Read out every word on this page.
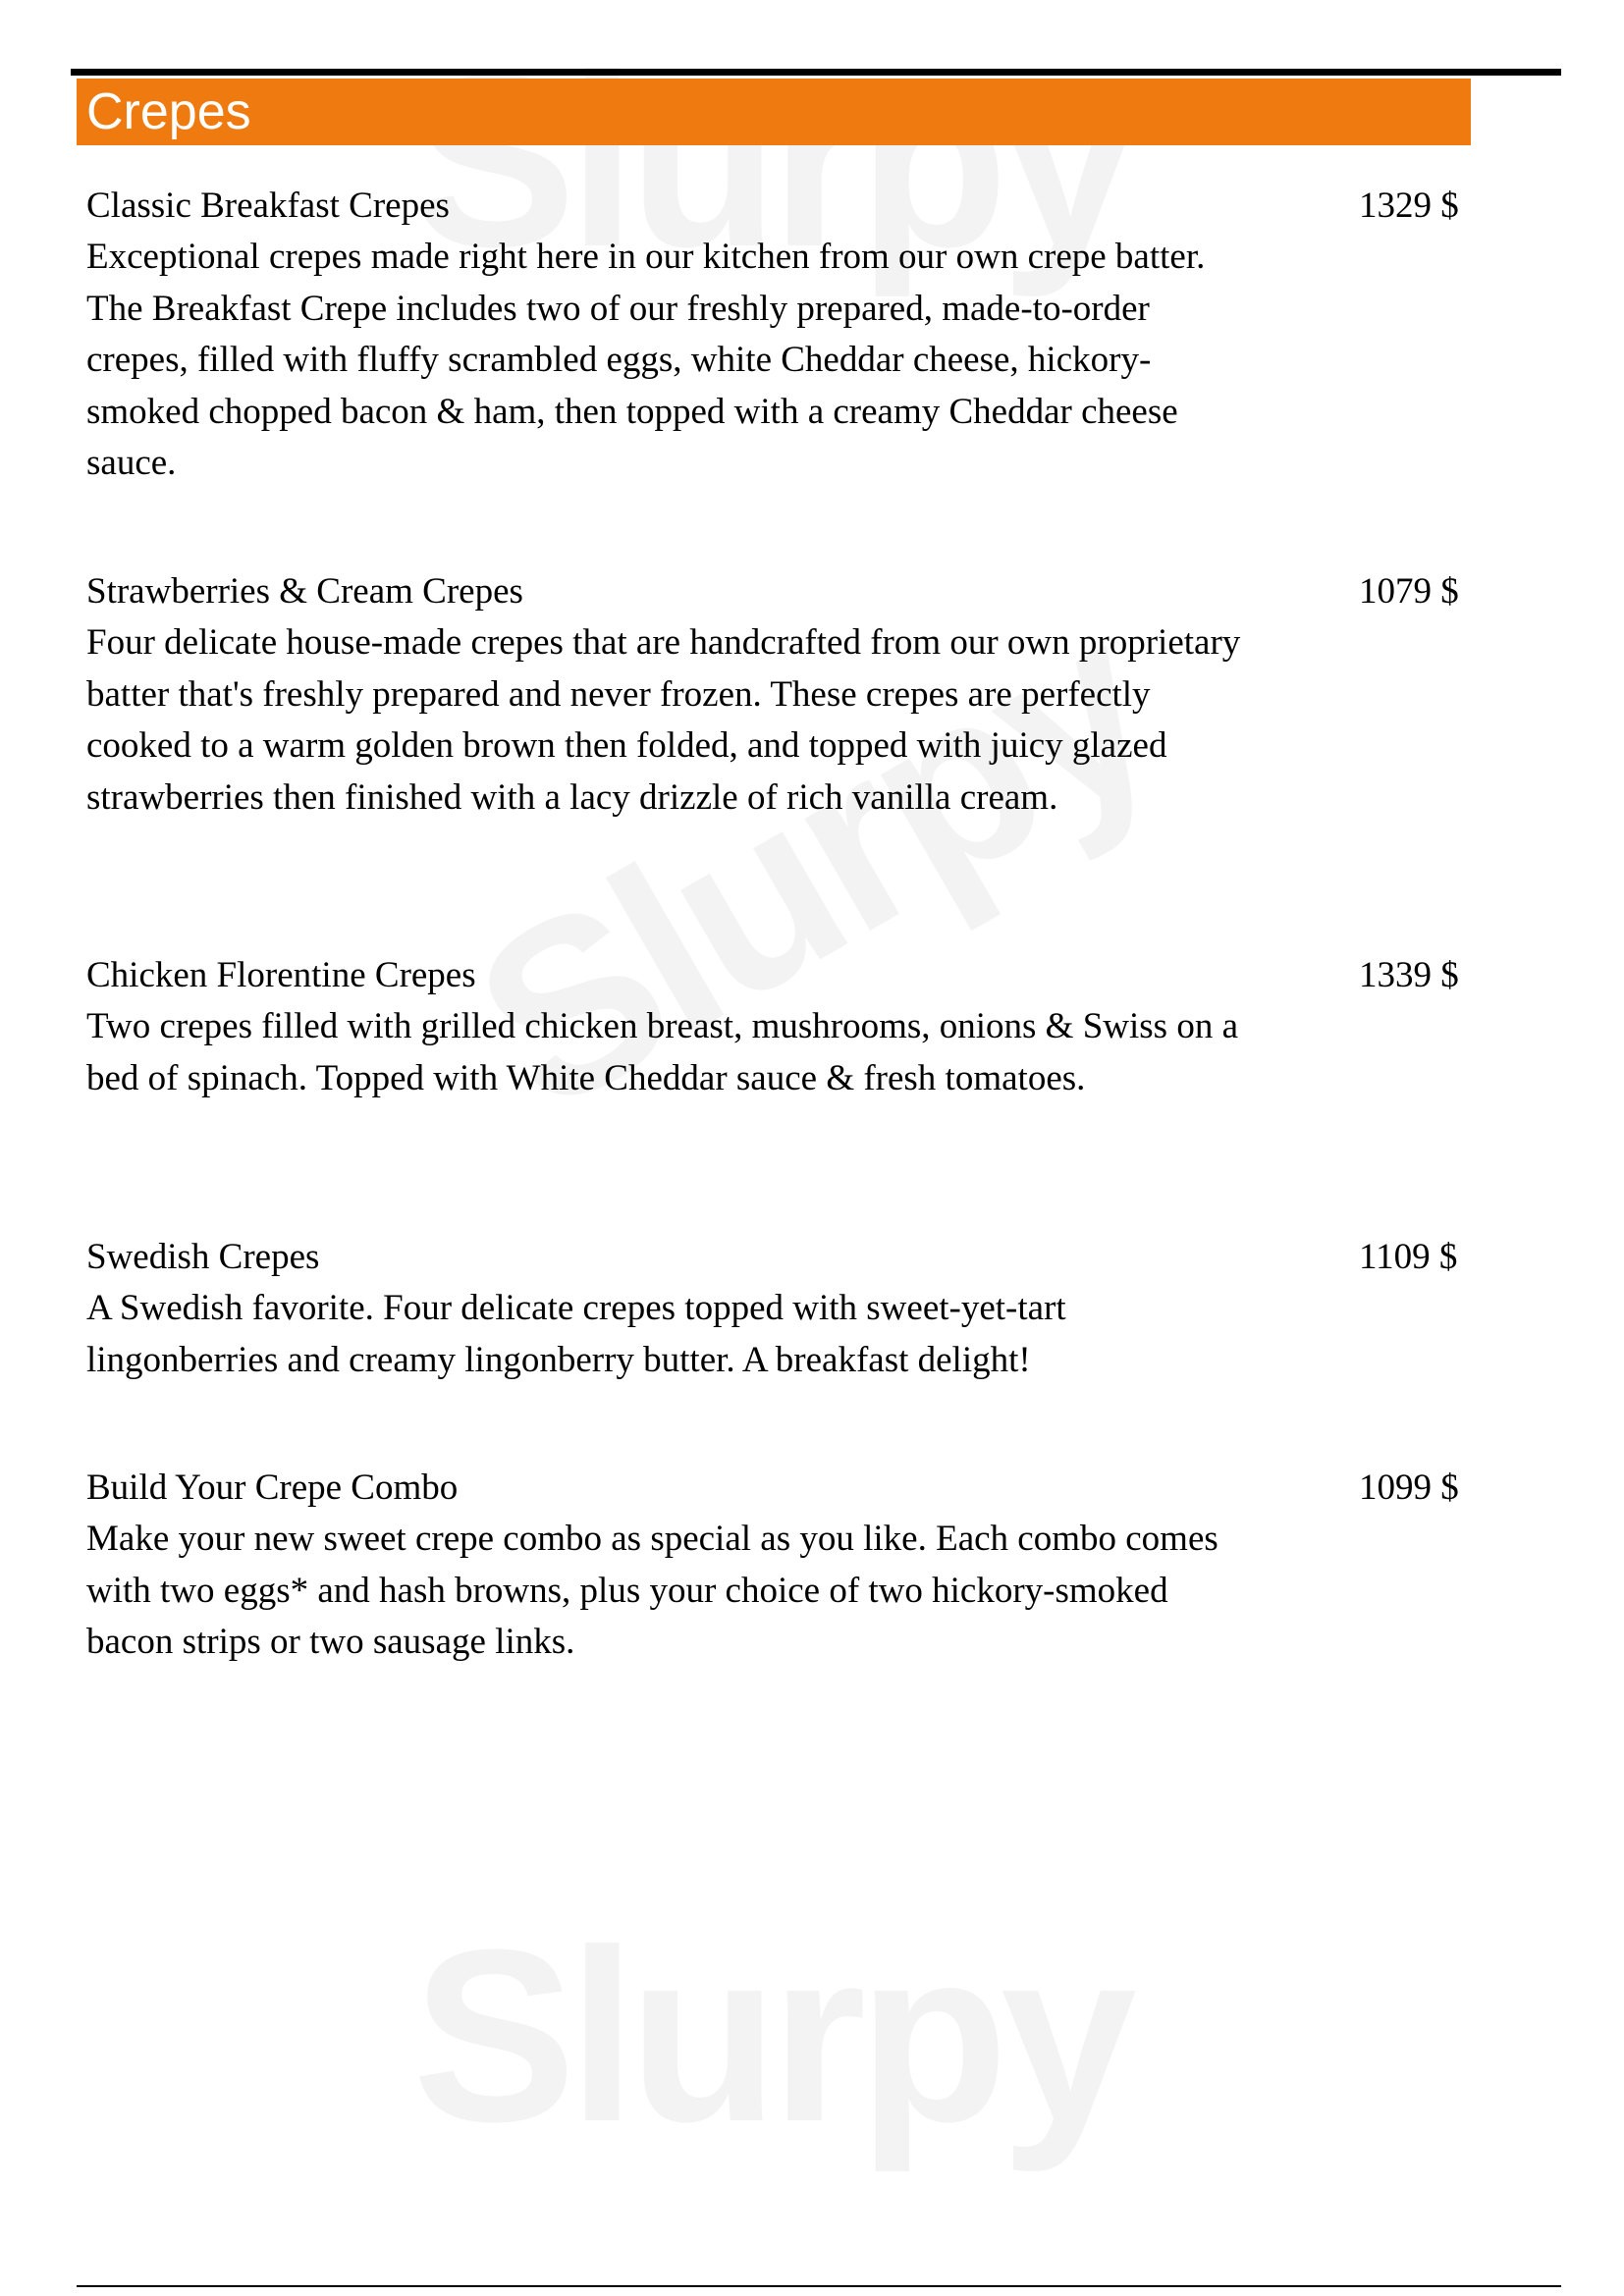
Crepes
Classic Breakfast Crepes
Exceptional crepes made right here in our kitchen from our own crepe batter. The Breakfast Crepe includes two of our freshly prepared, made-to-order crepes, filled with fluffy scrambled eggs, white Cheddar cheese, hickory-smoked chopped bacon & ham, then topped with a creamy Cheddar cheese sauce.
1329 $
Strawberries & Cream Crepes
Four delicate house-made crepes that are handcrafted from our own proprietary batter that's freshly prepared and never frozen. These crepes are perfectly cooked to a warm golden brown then folded, and topped with juicy glazed strawberries then finished with a lacy drizzle of rich vanilla cream.
1079 $
Chicken Florentine Crepes
Two crepes filled with grilled chicken breast, mushrooms, onions & Swiss on a bed of spinach. Topped with White Cheddar sauce & fresh tomatoes.
1339 $
Swedish Crepes
A Swedish favorite. Four delicate crepes topped with sweet-yet-tart lingonberries and creamy lingonberry butter. A breakfast delight!
1109 $
Build Your Crepe Combo
Make your new sweet crepe combo as special as you like. Each combo comes with two eggs* and hash browns, plus your choice of two hickory-smoked bacon strips or two sausage links.
1099 $
